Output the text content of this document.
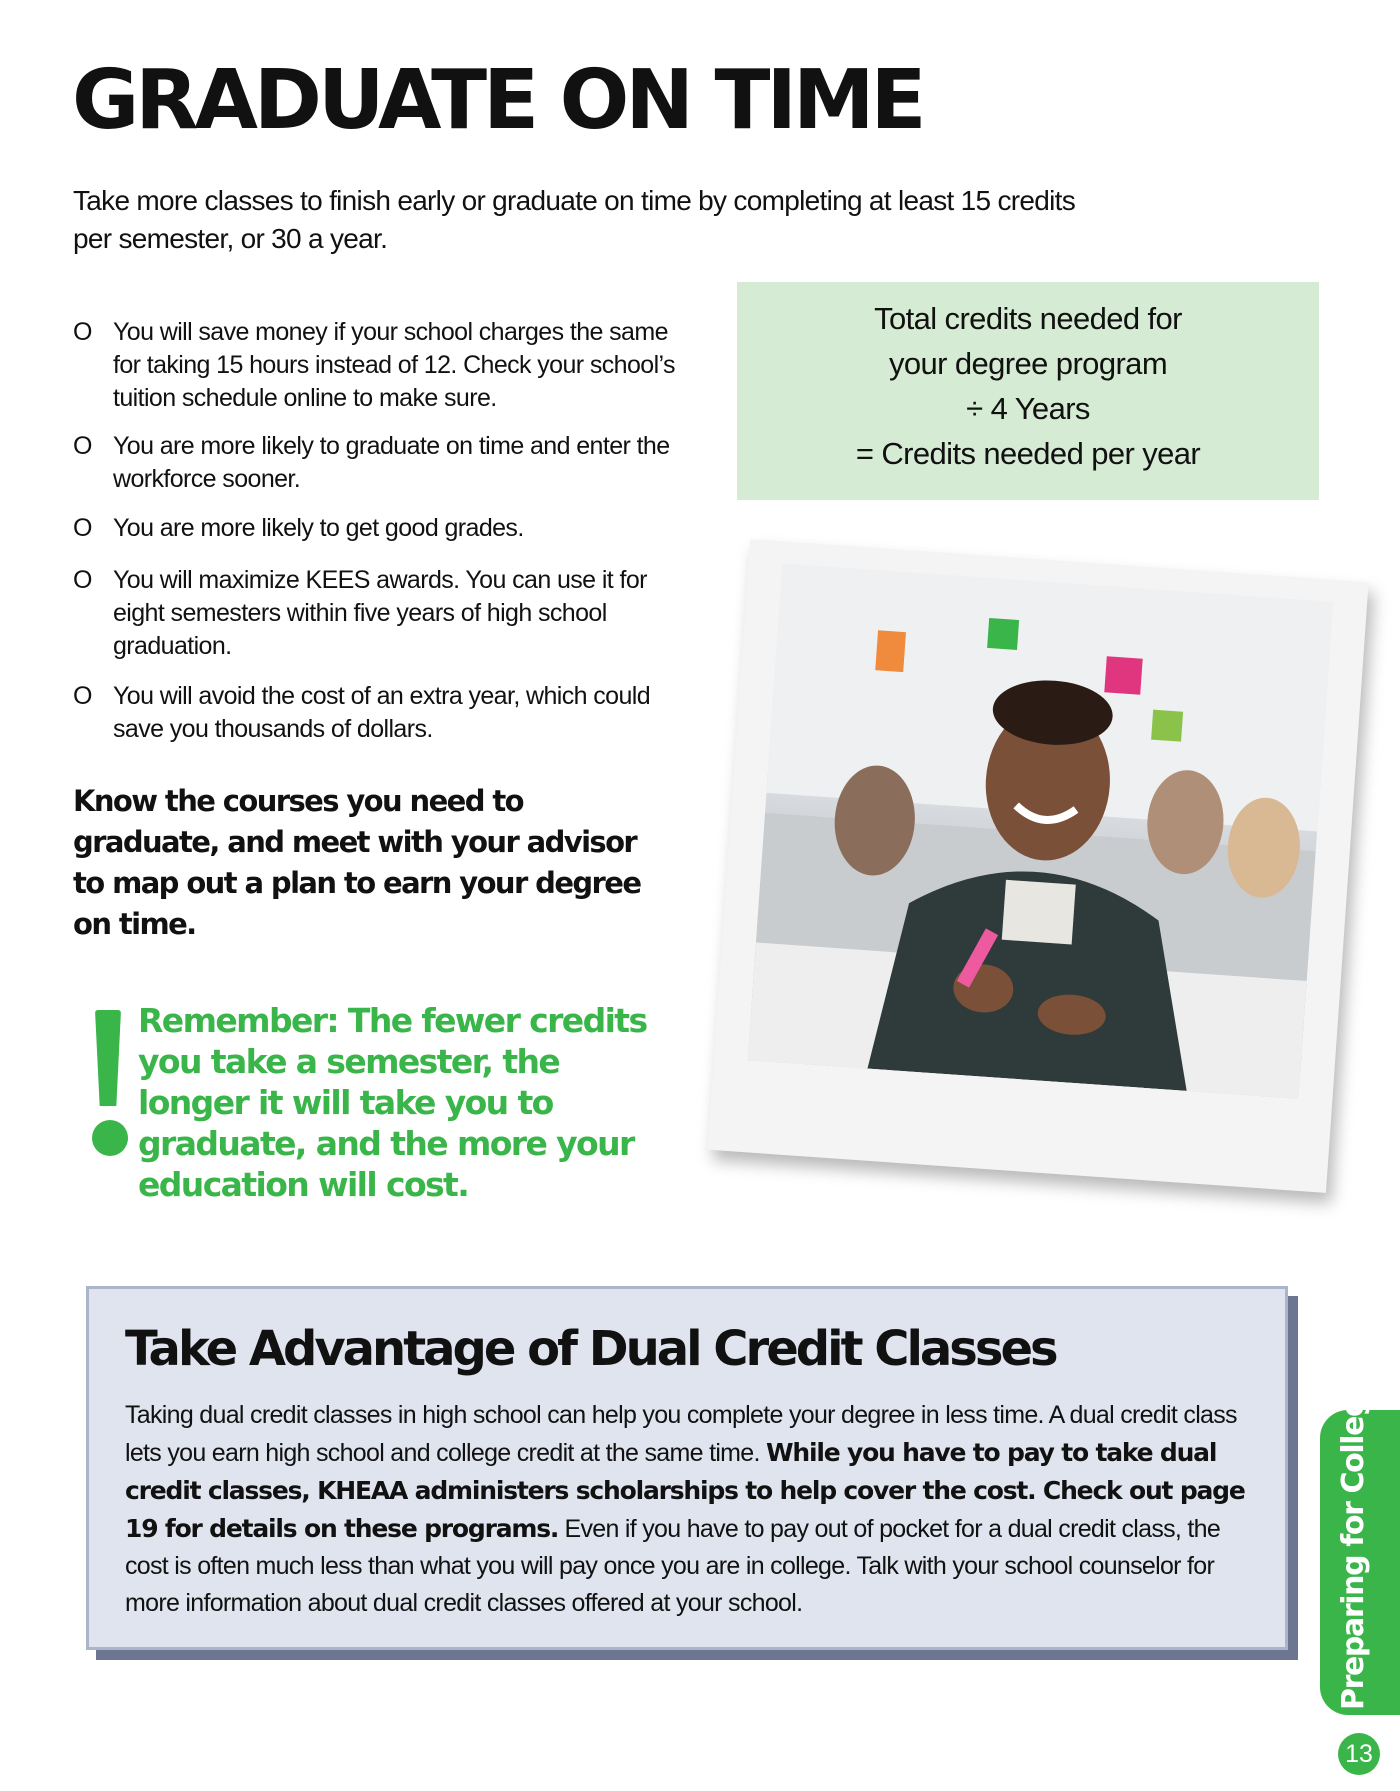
GRADUATE ON TIME

Take more classes to finish early or graduate on time by completing at least 15 credits per semester, or 30 a year.

O You will save money if your school charges the same for taking 15 hours instead of 12. Check your school’s tuition schedule online to make sure.
O You are more likely to graduate on time and enter the workforce sooner.
O You are more likely to get good grades.
O You will maximize KEES awards. You can use it for eight semesters within five years of high school graduation.
O You will avoid the cost of an extra year, which could save you thousands of dollars.

Know the courses you need to graduate, and meet with your advisor to map out a plan to earn your degree on time.

Remember: The fewer credits you take a semester, the longer it will take you to graduate, and the more your education will cost.

Total credits needed for
your degree program
÷ 4 Years
= Credits needed per year
Take Advantage of Dual Credit Classes

Taking dual credit classes in high school can help you complete your degree in less time. A dual credit class lets you earn high school and college credit at the same time. While you have to pay to take dual credit classes, KHEAA administers scholarships to help cover the cost. Check out page 19 for details on these programs. Even if you have to pay out of pocket for a dual credit class, the cost is often much less than what you will pay once you are in college. Talk with your school counselor for more information about dual credit classes offered at your school.	Preparing for College
13
